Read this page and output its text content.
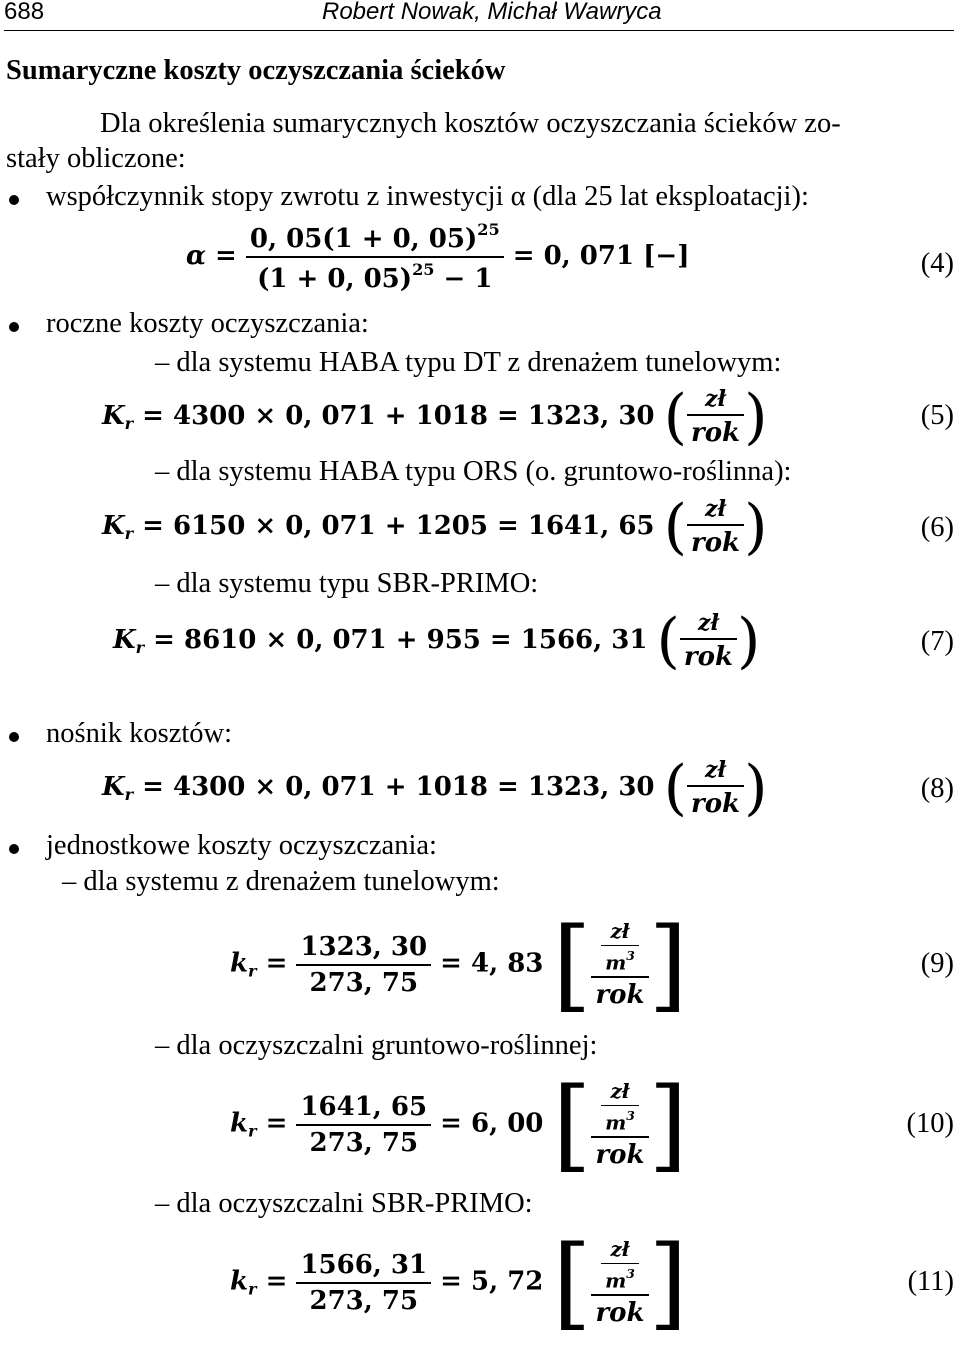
688	Robert Nowak, Michał Wawryca
Sumaryczne koszty oczyszczania ścieków
Dla określenia sumarycznych kosztów oczyszczania ścieków zo-
stały obliczone:
współczynnik stopy zwrotu z inwestycji α (dla 25 lat eksploatacji):
$\alpha = \frac{0, 05(1 + 0, 05)^{25}}{(1 + 0, 05)^{25} - 1} = 0$, 071 [−]	(4)
roczne koszty oczyszczania:
– dla systemu HABA typu DT z drenażem tunelowym:
$K_r = 4300 \times 0$, 071 + 1018 = 1323, 30 ( $\frac{zł}{\text{rok}}$ )	(5)
– dla systemu HABA typu ORS (o. gruntowo-roślinna):
$K_r = 6150 \times 0$, 071 + 1205 = 1641, 65 ( $\frac{zł}{\text{rok}}$ )	(6)
– dla systemu typu SBR-PRIMO:
$K_r = 8610 \times 0$, 071 + 955 = 1566, 31 ( $\frac{zł}{\text{rok}}$ )	(7)
nośnik kosztów:
$K_r = 4300 \times 0$, 071 + 1018 = 1323, 30 ( $\frac{zł}{\text{rok}}$ )	(8)
jednostkowe koszty oczyszczania:
– dla systemu z drenażem tunelowym:
$k_r = \frac{1323, 30}{273, 75} = 4$, 83 [ $\frac{\frac{zł}{m^3}}{\text{rok}}$ ]	(9)
– dla oczyszczalni gruntowo-roślinnej:
$k_r = \frac{1641, 65}{273, 75} = 6$, 00 [ $\frac{\frac{zł}{m^3}}{\text{rok}}$ ]	(10)
– dla oczyszczalni SBR-PRIMO:
$k_r = \frac{1566, 31}{273, 75} = 5$, 72 [ $\frac{\frac{zł}{m^3}}{\text{rok}}$ ]	(11)
